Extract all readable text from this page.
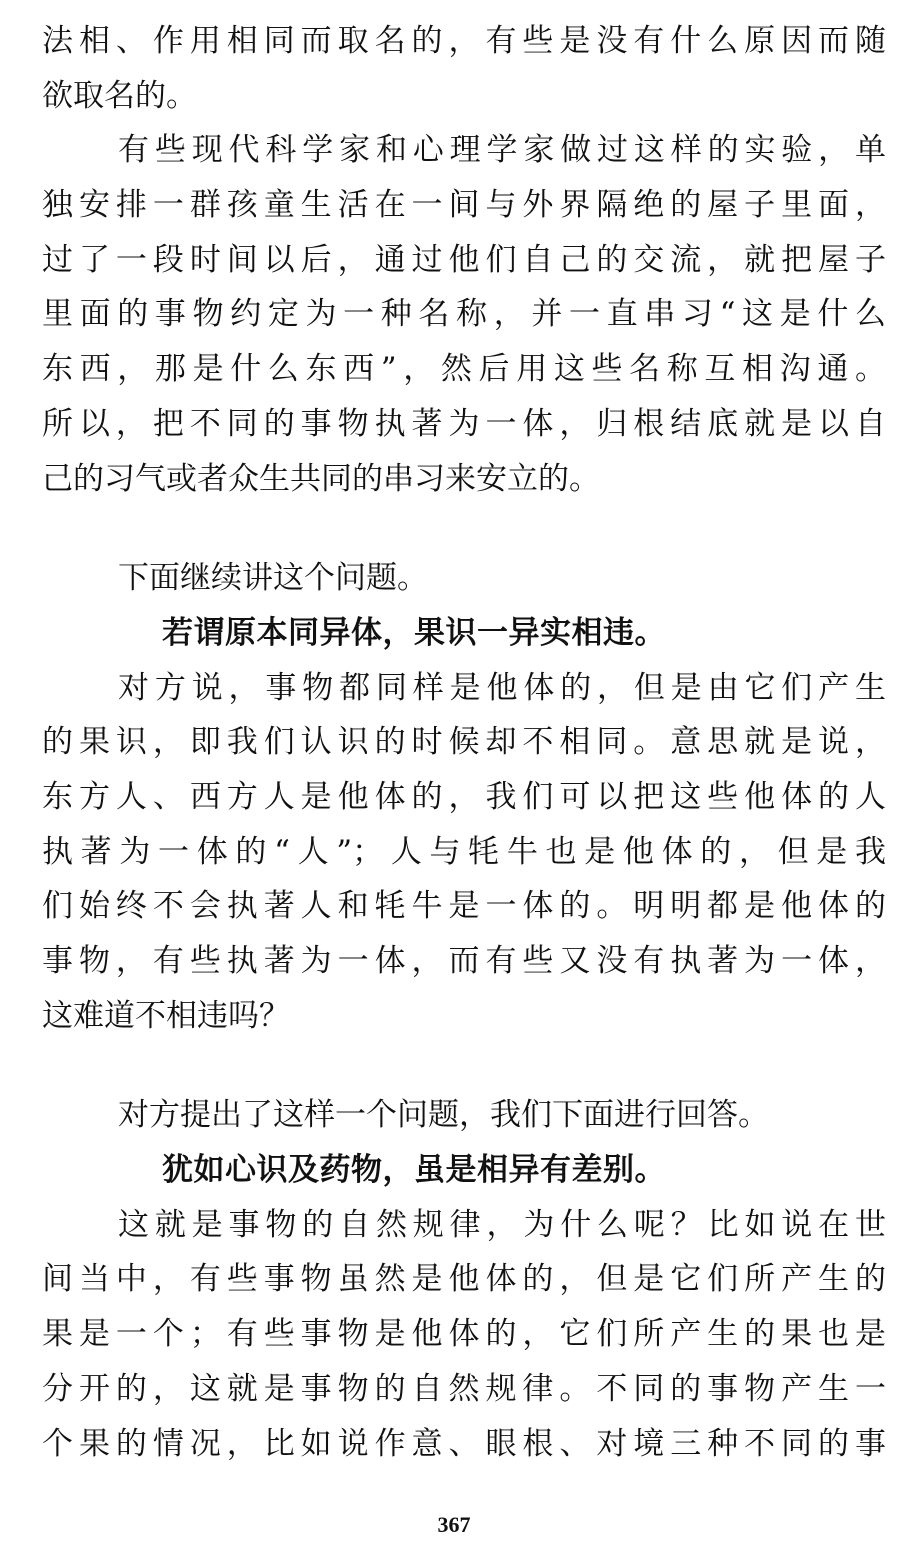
法相、作用相同而取名的，有些是没有什么原因而随
欲取名的。
有些现代科学家和心理学家做过这样的实验，单
独安排一群孩童生活在一间与外界隔绝的屋子里面，
过了一段时间以后，通过他们自己的交流，就把屋子
里面的事物约定为一种名称，并一直串习“这是什么
东西，那是什么东西”，然后用这些名称互相沟通。
所以，把不同的事物执著为一体，归根结底就是以自
己的习气或者众生共同的串习来安立的。
下面继续讲这个问题。
若谓原本同异体，果识一异实相违。
对方说，事物都同样是他体的，但是由它们产生
的果识，即我们认识的时候却不相同。意思就是说，
东方人、西方人是他体的，我们可以把这些他体的人
执著为一体的“人”；人与牦牛也是他体的，但是我
们始终不会执著人和牦牛是一体的。明明都是他体的
事物，有些执著为一体，而有些又没有执著为一体，
这难道不相违吗？
对方提出了这样一个问题，我们下面进行回答。
犹如心识及药物，虽是相异有差别。
这就是事物的自然规律，为什么呢？比如说在世
间当中，有些事物虽然是他体的，但是它们所产生的
果是一个；有些事物是他体的，它们所产生的果也是
分开的，这就是事物的自然规律。不同的事物产生一
个果的情况，比如说作意、眼根、对境三种不同的事
367
